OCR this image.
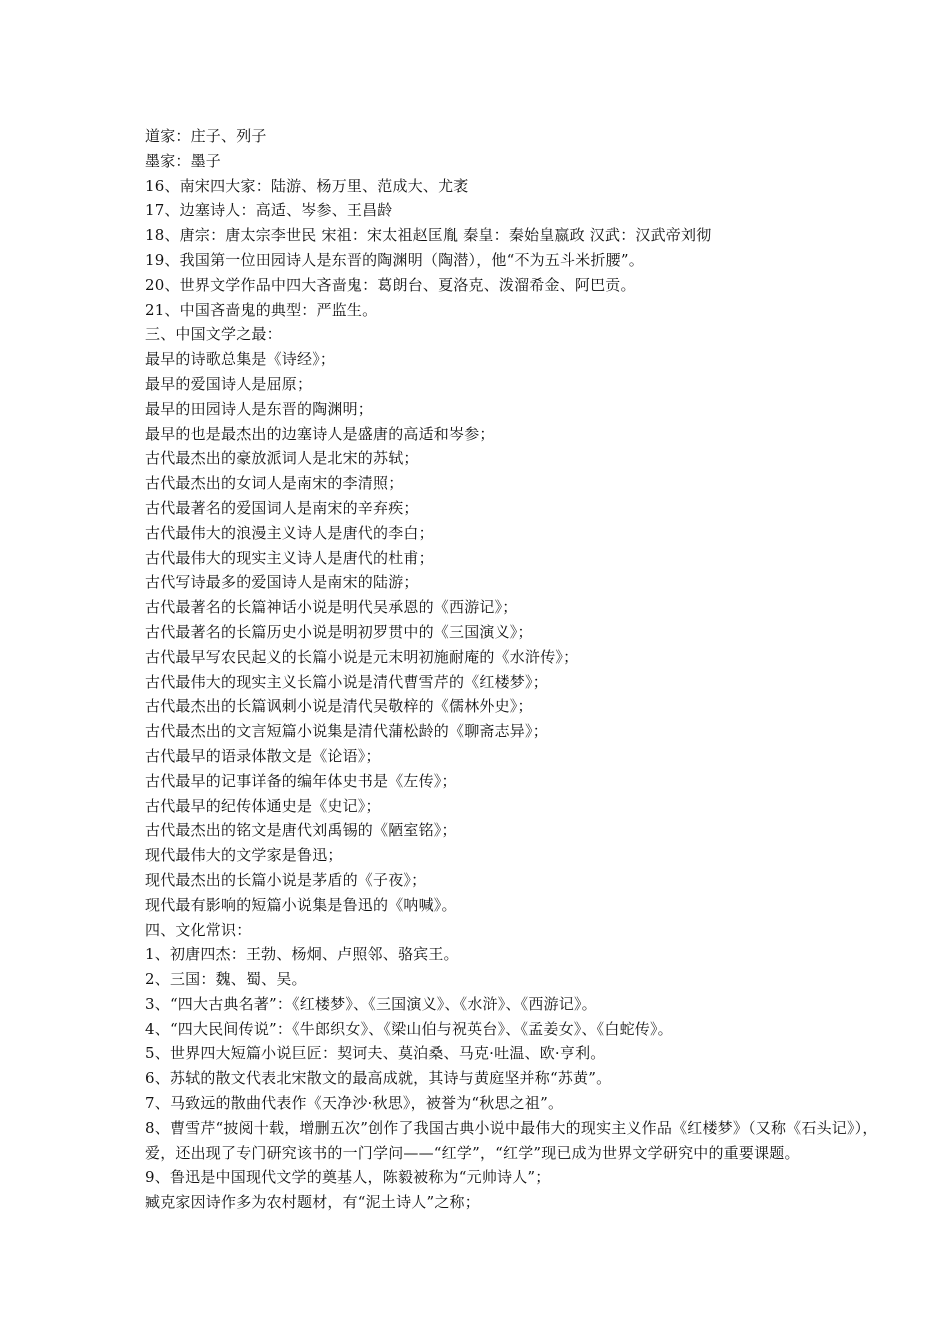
道家：庄子、列子
墨家：墨子
16、南宋四大家：陆游、杨万里、范成大、尤袤
17、边塞诗人：高适、岑参、王昌龄
18、唐宗：唐太宗李世民 宋祖：宋太祖赵匡胤 秦皇：秦始皇嬴政 汉武：汉武帝刘彻
19、我国第一位田园诗人是东晋的陶渊明（陶潜），他“不为五斗米折腰”。
20、世界文学作品中四大吝啬鬼：葛朗台、夏洛克、泼溜希金、阿巴贡。
21、中国吝啬鬼的典型：严监生。
三、中国文学之最：
最早的诗歌总集是《诗经》；
最早的爱国诗人是屈原；
最早的田园诗人是东晋的陶渊明；
最早的也是最杰出的边塞诗人是盛唐的高适和岑参；
古代最杰出的豪放派词人是北宋的苏轼；
古代最杰出的女词人是南宋的李清照；
古代最著名的爱国词人是南宋的辛弃疾；
古代最伟大的浪漫主义诗人是唐代的李白；
古代最伟大的现实主义诗人是唐代的杜甫；
古代写诗最多的爱国诗人是南宋的陆游；
古代最著名的长篇神话小说是明代吴承恩的《西游记》；
古代最著名的长篇历史小说是明初罗贯中的《三国演义》；
古代最早写农民起义的长篇小说是元末明初施耐庵的《水浒传》；
古代最伟大的现实主义长篇小说是清代曹雪芹的《红楼梦》；
古代最杰出的长篇讽刺小说是清代吴敬梓的《儒林外史》；
古代最杰出的文言短篇小说集是清代蒲松龄的《聊斋志异》；
古代最早的语录体散文是《论语》；
古代最早的记事详备的编年体史书是《左传》；
古代最早的纪传体通史是《史记》；
古代最杰出的铭文是唐代刘禹锡的《陋室铭》；
现代最伟大的文学家是鲁迅；
现代最杰出的长篇小说是茅盾的《子夜》；
现代最有影响的短篇小说集是鲁迅的《呐喊》。
四、文化常识：
1、初唐四杰：王勃、杨炯、卢照邻、骆宾王。
2、三国：魏、蜀、吴。
3、“四大古典名著”：《红楼梦》、《三国演义》、《水浒》、《西游记》。
4、“四大民间传说”：《牛郎织女》、《梁山伯与祝英台》、《孟姜女》、《白蛇传》。
5、世界四大短篇小说巨匠：契诃夫、莫泊桑、马克·吐温、欧·亨利。
6、苏轼的散文代表北宋散文的最高成就，其诗与黄庭坚并称“苏黄”。
7、马致远的散曲代表作《天净沙·秋思》，被誉为“秋思之祖”。
8、曹雪芹“披阅十载，增删五次”创作了我国古典小说中最伟大的现实主义作品《红楼梦》（又称《石头记》），
爱，还出现了专门研究该书的一门学问——“红学”，“红学”现已成为世界文学研究中的重要课题。
9、鲁迅是中国现代文学的奠基人，陈毅被称为“元帅诗人”；
臧克家因诗作多为农村题材，有“泥土诗人”之称；
